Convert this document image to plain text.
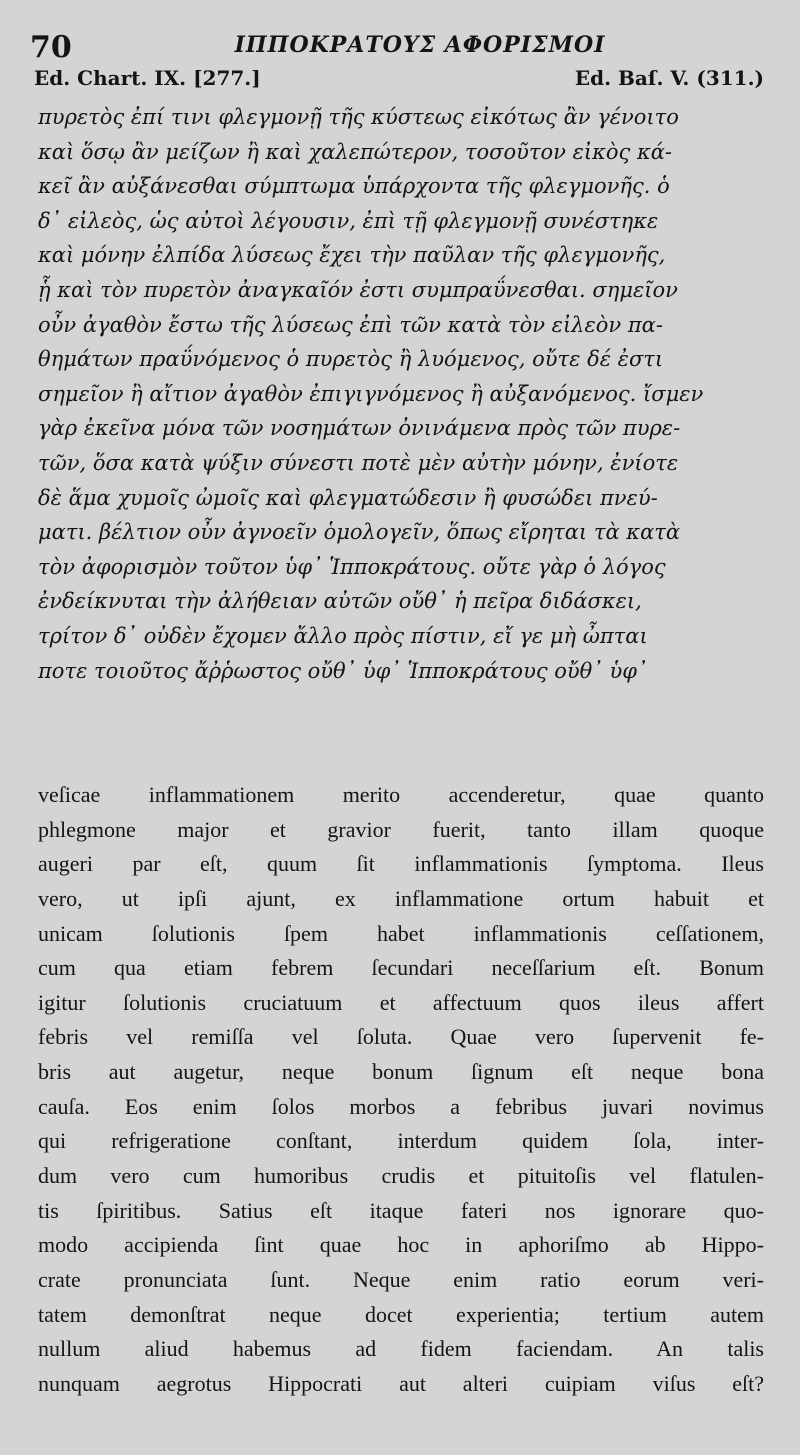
70	ΙΠΠΟΚΡΑΤΟΥΣ ΑΦΟΡΙΣΜΟΙ
Ed. Chart. IX. [277.]	Ed. Baſ. V. (311.)
πυρετὸς ἐπί τινι φλεγμονῇ τῆς κύστεως εἰκότως ἂν γένοιτο
καὶ ὅσῳ ἂν μείζων ἢ καὶ χαλεπώτερον, τοσοῦτον εἰκὸς κά-
κεῖ ἂν αὐξάνεσθαι σύμπτωμα ὑπάρχοντα τῆς φλεγμονῆς. ὁ
δ᾽ εἰλεὸς, ὡς αὐτοὶ λέγουσιν, ἐπὶ τῇ φλεγμονῇ συνέστηκε
καὶ μόνην ἐλπίδα λύσεως ἔχει τὴν παῦλαν τῆς φλεγμονῆς,
ᾗ καὶ τὸν πυρετὸν ἀναγκαῖόν ἐστι συμπραΰνεσθαι. σημεῖον
οὖν ἀγαθὸν ἔστω τῆς λύσεως ἐπὶ τῶν κατὰ τὸν εἰλεὸν πα-
θημάτων πραΰνόμενος ὁ πυρετὸς ἢ λυόμενος, οὔτε δέ ἐστι
σημεῖον ἢ αἴτιον ἀγαθὸν ἐπιγιγνόμενος ἢ αὐξανόμενος. ἴσμεν
γὰρ ἐκεῖνα μόνα τῶν νοσημάτων ὀνινάμενα πρὸς τῶν πυρε-
τῶν, ὅσα κατὰ ψύξιν σύνεστι ποτὲ μὲν αὐτὴν μόνην, ἐνίοτε
δὲ ἅμα χυμοῖς ὠμοῖς καὶ φλεγματώδεσιν ἢ φυσώδει πνεύ-
ματι. βέλτιον οὖν ἀγνοεῖν ὁμολογεῖν, ὅπως εἴρηται τὰ κατὰ
τὸν ἀφορισμὸν τοῦτον ὑφ᾽ Ἱπποκράτους. οὔτε γὰρ ὁ λόγος
ἐνδείκνυται τὴν ἀλήθειαν αὐτῶν οὔθ᾽ ἡ πεῖρα διδάσκει,
τρίτον δ᾽ οὐδὲν ἔχομεν ἄλλο πρὸς πίστιν, εἴ γε μὴ ὦπται
ποτε τοιοῦτος ἄῤῥωστος οὔθ᾽ ὑφ᾽ Ἱπποκράτους οὔθ᾽ ὑφ᾽
veſicae inflammationem merito accenderetur, quae quanto
phlegmone major et gravior fuerit, tanto illam quoque
augeri par eſt, quum ſit inflammationis ſymptoma. Ileus
vero, ut ipſi ajunt, ex inflammatione ortum habuit et
unicam ſolutionis ſpem habet inflammationis ceſſationem,
cum qua etiam febrem ſecundari neceſſarium eſt. Bonum
igitur ſolutionis cruciatuum et affectuum quos ileus affert
febris vel remiſſa vel ſoluta. Quae vero ſupervenit fe-
bris aut augetur, neque bonum ſignum eſt neque bona
cauſa. Eos enim ſolos morbos a febribus juvari novimus
qui refrigeratione conſtant, interdum quidem ſola, inter-
dum vero cum humoribus crudis et pituitoſis vel flatulen-
tis ſpiritibus. Satius eſt itaque fateri nos ignorare quo-
modo accipienda ſint quae hoc in aphoriſmo ab Hippo-
crate pronunciata ſunt. Neque enim ratio eorum veri-
tatem demonſtrat neque docet experientia; tertium autem
nullum aliud habemus ad fidem faciendam. An talis
nunquam aegrotus Hippocrati aut alteri cuipiam viſus eſt?
